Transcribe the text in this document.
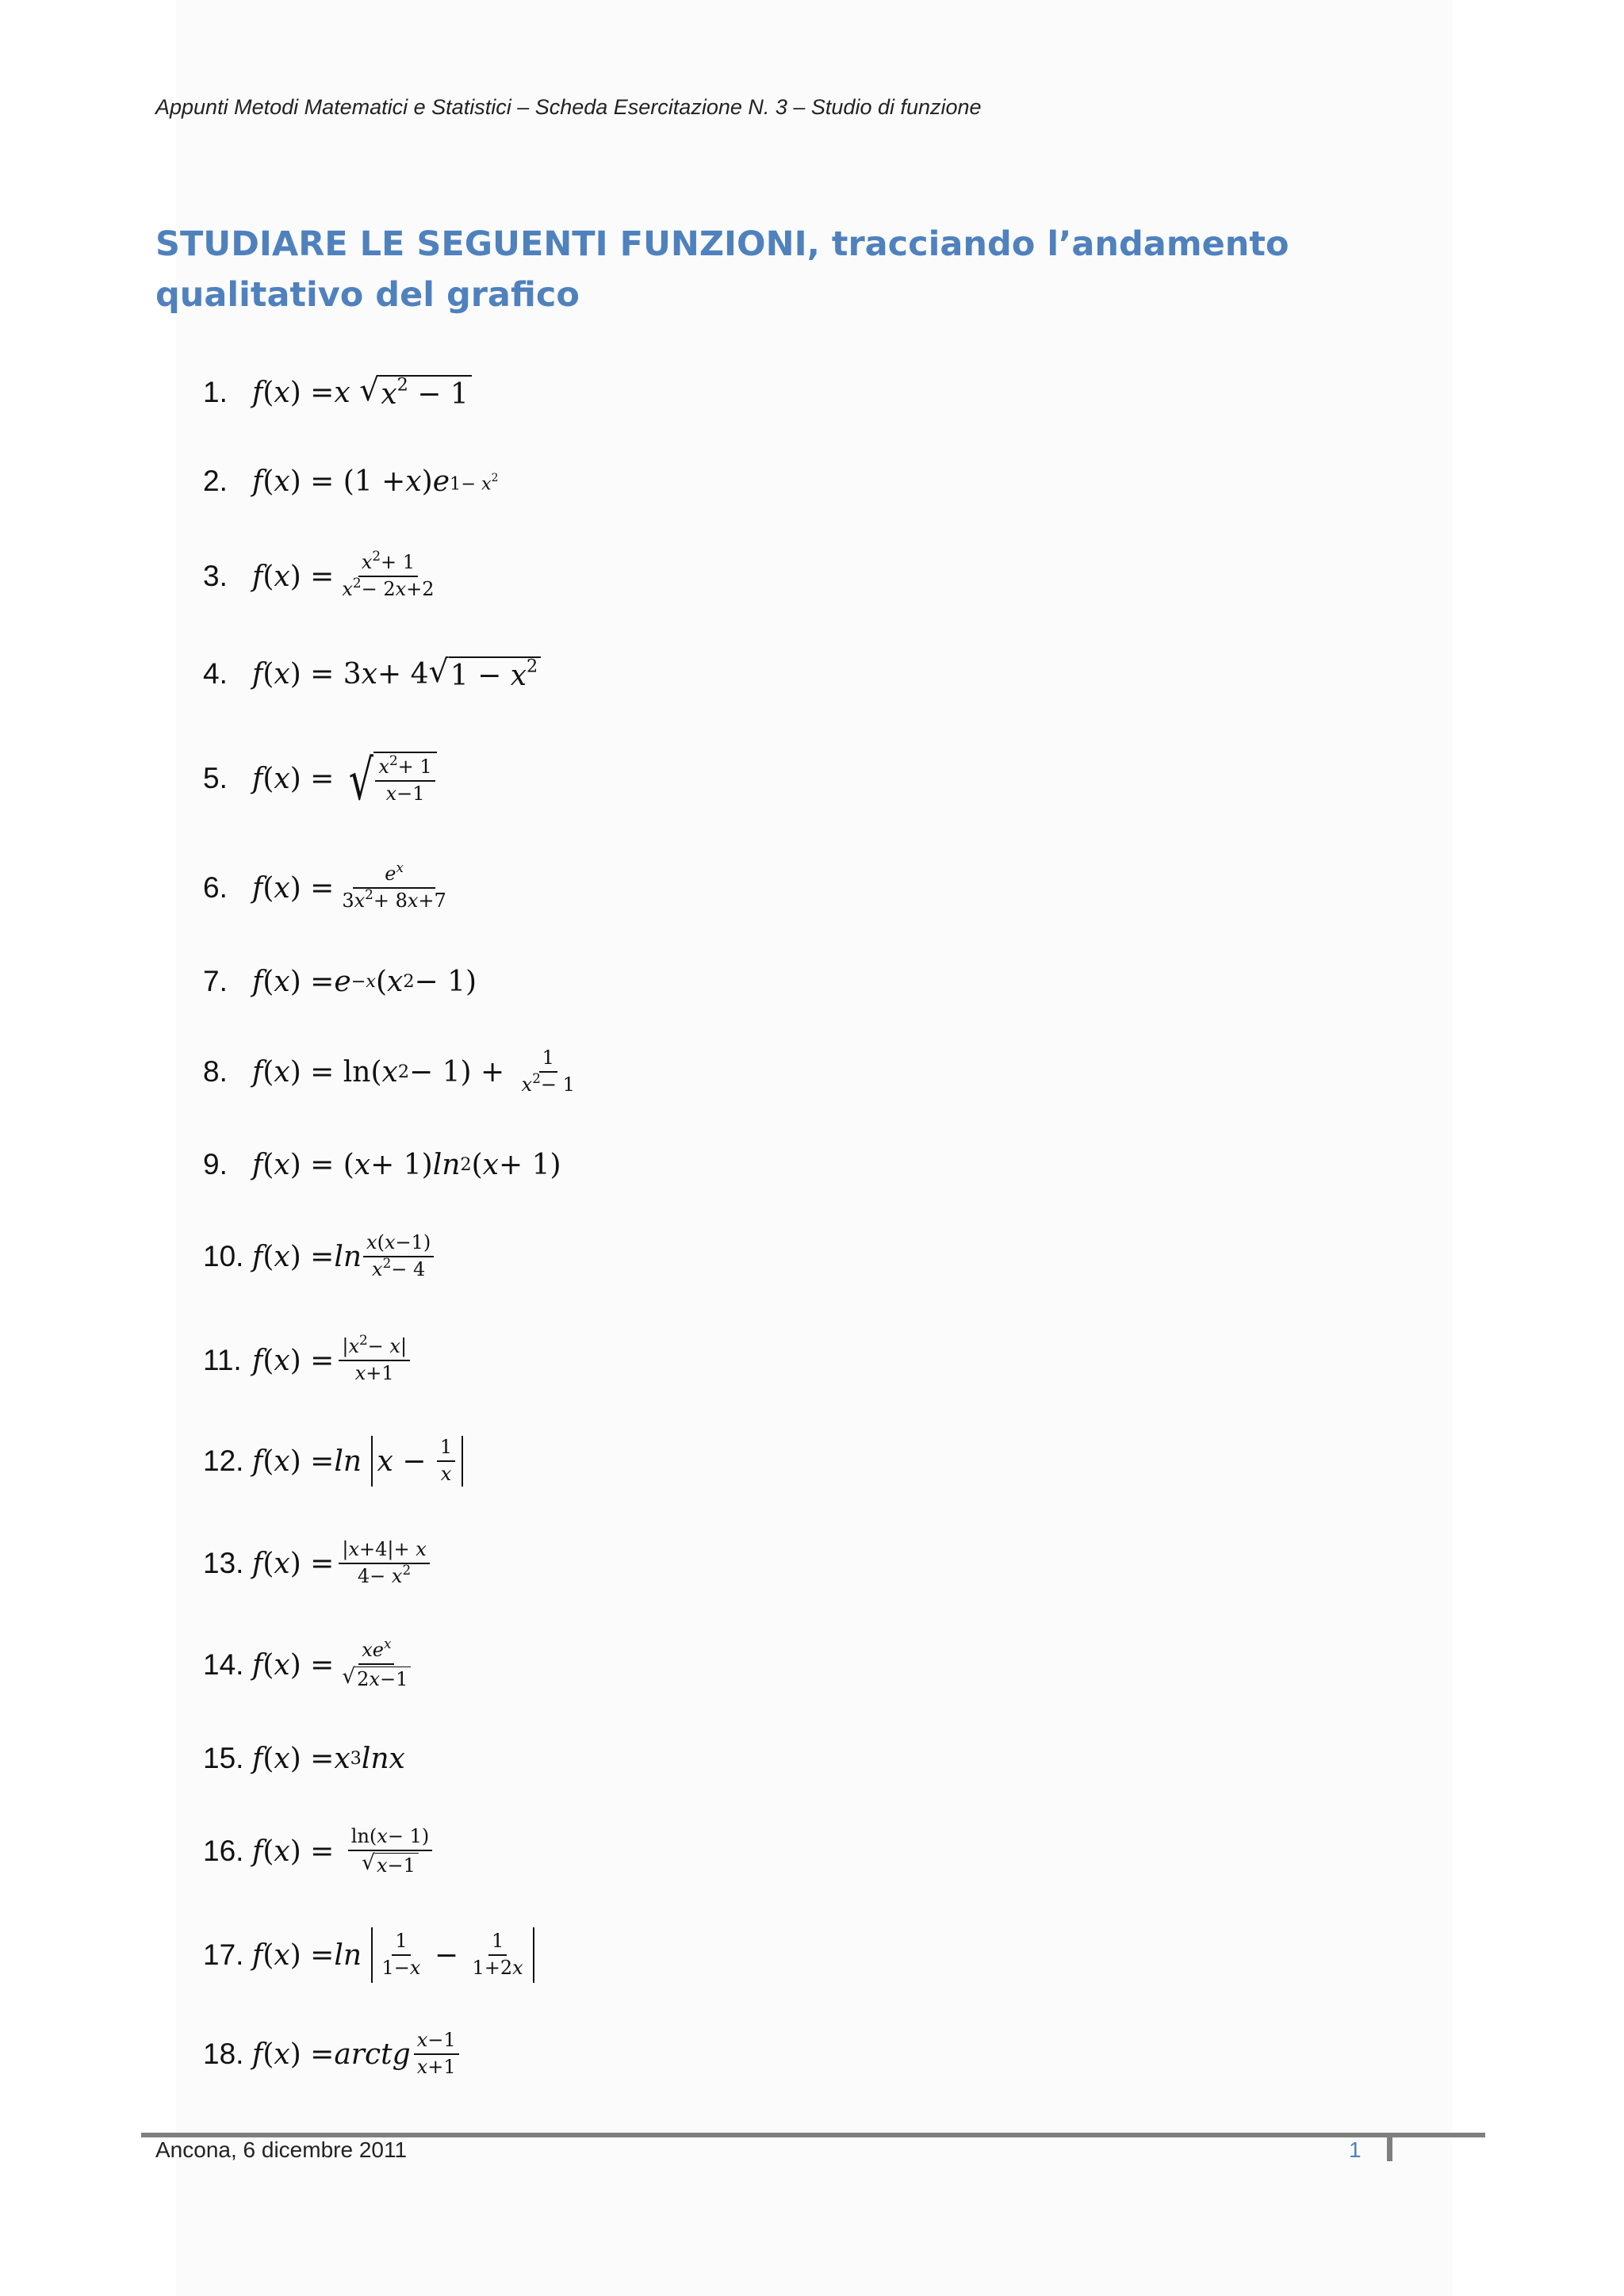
Appunti Metodi Matematici e Statistici – Scheda Esercitazione N. 3 – Studio di funzione
STUDIARE LE SEGUENTI FUNZIONI, tracciando l’andamento qualitativo del grafico
1. f ( x ) = x
√ $x^2 - 1$
2. f ( x ) = (1 + x ) e $1- x^2$
3. f ( x ) = $\frac{x^2+ 1}{x^2- 2x+2}$
4. f ( x ) = 3 x + 4 √ $1 - x^2$
5. f ( x ) = √ $\frac{x^2+ 1}{x-1}$
6. f ( x ) = $\frac{e^x}{3x^2+ 8x+7}$
7. f ( x ) = e −x ( x 2 − 1)
8. f ( x ) = ln( x $2 - 1) + \frac{1}{x^2- 1}$
9. f ( x ) = ( x + 1) ln 2 ( x + 1)
10. f ( x ) = $\ln \frac{x(x-1)}{x^2- 4}$
11. f ( x ) = $\frac{|x^2- x|}{x+1}$
12. f ( x ) = ln
$x - \frac{1}{x}$
13. f ( x ) = $\frac{|x+4|+ x}{4- x^2}$
14. f ( x ) = $\frac{xe^x}{√ 2x-1}$
15. f ( x ) = x 3 lnx
16. f ( x ) = $\frac{\ln(x- 1)}{√ x-1}$
17. f ( x ) = ln
$\frac{1}{1-x} - \frac{1}{1+2x}$
18. f ( x ) = arctg $\frac{x-1}{x+1}$
Ancona, 6 dicembre 2011	1
